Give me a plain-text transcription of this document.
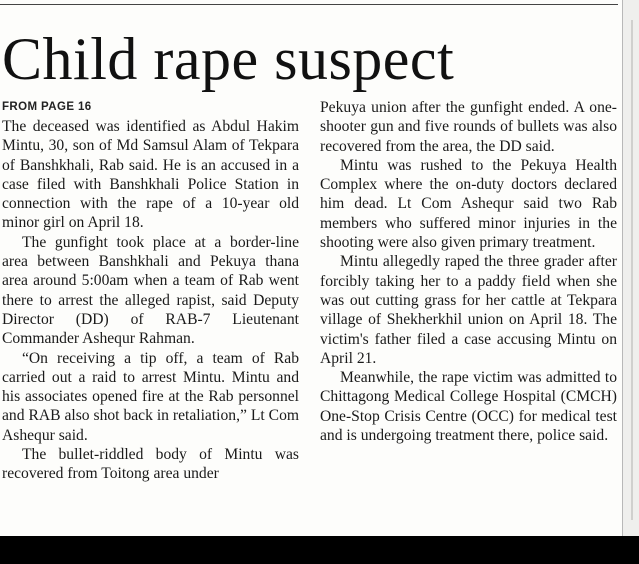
Child rape suspect
FROM PAGE 16

The deceased was identified as Abdul Hakim Mintu, 30, son of Md Samsul Alam of Tekpara of Banshkhali, Rab said. He is an accused in a case filed with Banshkhali Police Station in connection with the rape of a 10-year old minor girl on April 18.

The gunfight took place at a border-line area between Banshkhali and Pekuya thana area around 5:00am when a team of Rab went there to arrest the alleged rapist, said Deputy Director (DD) of RAB-7 Lieutenant Commander Ashequr Rahman.

“On receiving a tip off, a team of Rab carried out a raid to arrest Mintu. Mintu and his associates opened fire at the Rab personnel and RAB also shot back in retaliation,” Lt Com Ashequr said.

The bullet-riddled body of Mintu was recovered from Toitong area under

Pekuya union after the gunfight ended. A one-shooter gun and five rounds of bullets was also recovered from the area, the DD said.

Mintu was rushed to the Pekuya Health Complex where the on-duty doctors declared him dead. Lt Com Ashequr said two Rab members who suffered minor injuries in the shooting were also given primary treatment.

Mintu allegedly raped the three grader after forcibly taking her to a paddy field when she was out cutting grass for her cattle at Tekpara village of Shekherkhil union on April 18. The victim's father filed a case accusing Mintu on April 21.

Meanwhile, the rape victim was admitted to Chittagong Medical College Hospital (CMCH) One-Stop Crisis Centre (OCC) for medical test and is undergoing treatment there, police said.
